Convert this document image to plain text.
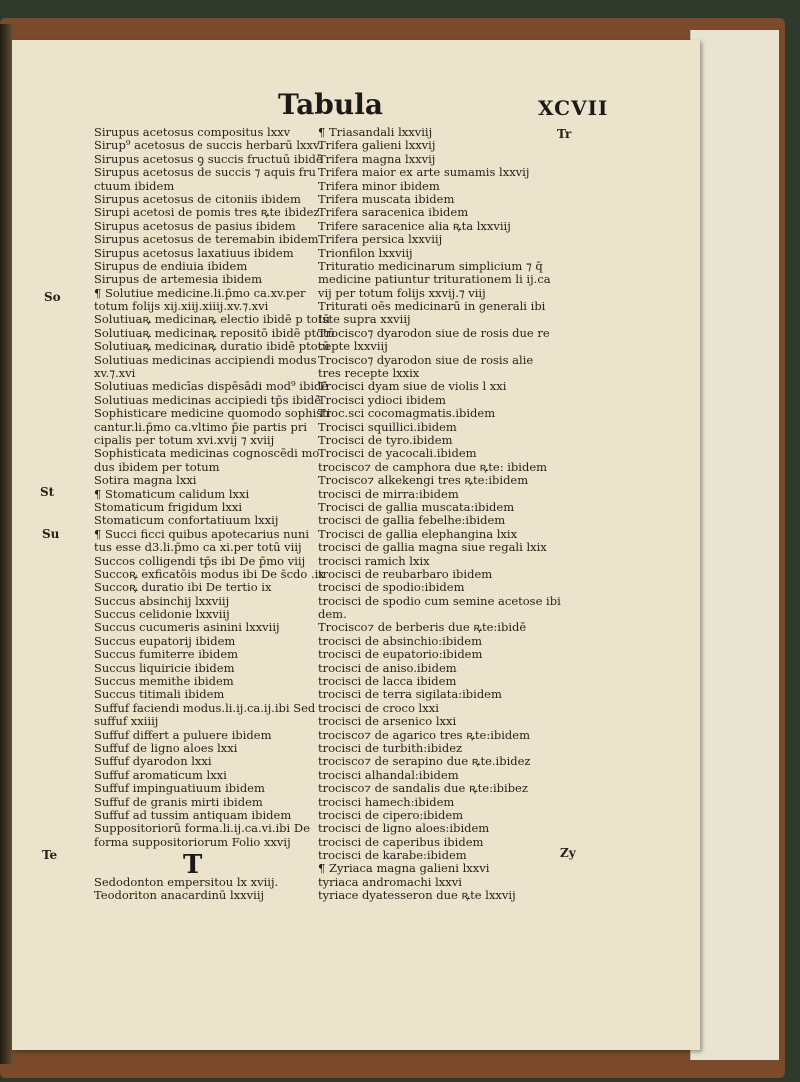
Tabula	XCVII
So
St
Su
Te
Tr
Zy
T
Sirupus acetosus compositus lxxv
Sirup⁹ acetosus de succis herbarū lxxv.
Sirupus acetosus ꝯ succis fructuū ibidē
Sirupus acetosus de succis ⁊ aquis fru
ctuum ibidem
Sirupus acetosus de citoniis ibidem
Sirupi acetosi de pomis tres ꝶte ibidez
Sirupus acetosus de pasius ibidem
Sirupus acetosus de teremabin ibidem
Sirupus acetosus laxatiuus ibidem
Sirupus de endiuia ibidem
Sirupus de artemesia ibidem
¶ Solutiue medicine.li.p̄mo ca.xv.per
totum folijs xij.xiij.xiiij.xv.⁊.xvi
Solutiuaꝶ medicinaꝶ electio ibidē p totū
Solutiuaꝶ medicinaꝶ repositō ibidē ptotū
Solutiuaꝶ medicinaꝶ duratio ibidē ptotū
Solutiuas medicinas accipiendi modus
xv.⁊.xvi
Solutiuas medicīas dispēsādi mod⁹ ibidē
Solutiuas medicinas accipiedi tp̄s ibidē
Sophisticare medicine quomodo sophisti
cantur.li.p̄mo ca.vltimo p̄ie partis pri
cipalis per totum xvi.xvij ⁊ xviij
Sophisticata medicinas cognoscēdi mo
dus ibidem per totum
Sotira magna lxxi
¶ Stomaticum calidum lxxi
Stomaticum frigidum lxxi
Stomaticum confortatiuum lxxij
¶ Succi ficci quibus apotecarius nuni
tus esse d3.li.p̄mo ca xi.per totū viij
Succos colligendi tp̄s ibi De p̄mo viij
Succoꝶ exficatōis modus ibi De s̄cdo .ix
Succoꝶ duratio ibi De tertio ix
Succus absinchij lxxviij
Succus celidonie lxxviij
Succus cucumeris asinini lxxviij
Succus eupatorij ibidem
Succus fumiterre ibidem
Succus liquiricie ibidem
Succus memithe ibidem
Succus titimali ibidem
Suffuf faciendi modus.li.ij.ca.ij.ibi Sed
suffuf xxiiij
Suffuf differt a puluere ibidem
Suffuf de ligno aloes lxxi
Suffuf dyarodon lxxi
Suffuf aromaticum lxxi
Suffuf impinguatiuum ibidem
Suffuf de granis mirti ibidem
Suffuf ad tussim antiquam ibidem
Suppositoriorū forma.li.ij.ca.vi.ibi De
forma suppositoriorum Folio xxvij
Sedodonton empersitou lx xviij.
Teodoriton anacardinū lxxviij
¶ Triasandali lxxviij
Trifera galieni lxxvij
Trifera magna lxxvij
Trifera maior ex arte sumamis lxxvij
Trifera minor ibidem
Trifera muscata ibidem
Trifera saracenica ibidem
Trifere saracenice alia ꝶta lxxviij
Trifera persica lxxviij
Trionfilon lxxviij
Trituratio medicinarum simplicium ⁊ q̄
medicine patiuntur triturationem li ij.ca
vij per totum folijs xxvij.⁊ viij
Triturati oēs medicinarū in generali ibi
Iste supra xxviij
Trocisco⁊ dyarodon siue de rosis due re
cepte lxxviij
Trocisco⁊ dyarodon siue de rosis alie
tres recepte lxxix
Trocisci dyam siue de violis l xxi
Trocisci ydioci ibidem
Troc.sci cocomagmatis.ibidem
Trocisci squillici.ibidem
Trocisci de tyro.ibidem
Trocisci de yacocali.ibidem
trocisco⁊ de camphora due ꝶte: ibidem
Trocisco⁊ alkekengi tres ꝶte:ibidem
trocisci de mirra:ibidem
Trocisci de gallia muscata:ibidem
trocisci de gallia febelhe:ibidem
Trocisci de gallia elephangina lxix
trocisci de gallia magna siue regali lxix
trocisci ramich lxix
trocisci de reubarbaro ibidem
trocisci de spodio:ibidem
trocisci de spodio cum semine acetose ibi
dem.
Trocisco⁊ de berberis due ꝶte:ibidē
trocisci de absinchio:ibidem
trocisci de eupatorio:ibidem
trocisci de aniso.ibidem
trocisci de lacca ibidem
trocisci de terra sigilata:ibidem
trocisci de croco lxxi
trocisci de arsenico lxxi
trocisco⁊ de agarico tres ꝶte:ibidem
trocisci de turbith:ibidez
trocisco⁊ de serapino due ꝶte.ibidez
trocisci alhandal:ibidem
trocisco⁊ de sandalis due ꝶte:ibibez
trocisci hamech:ibidem
trocisci de cipero:ibidem
trocisci de ligno aloes:ibidem
trocisci de caperibus ibidem
trocisci de karabe:ibidem
¶ Zyriaca magna galieni lxxvi
tyriaca andromachi lxxvi
tyriace dyatesseron due ꝶte lxxvij
